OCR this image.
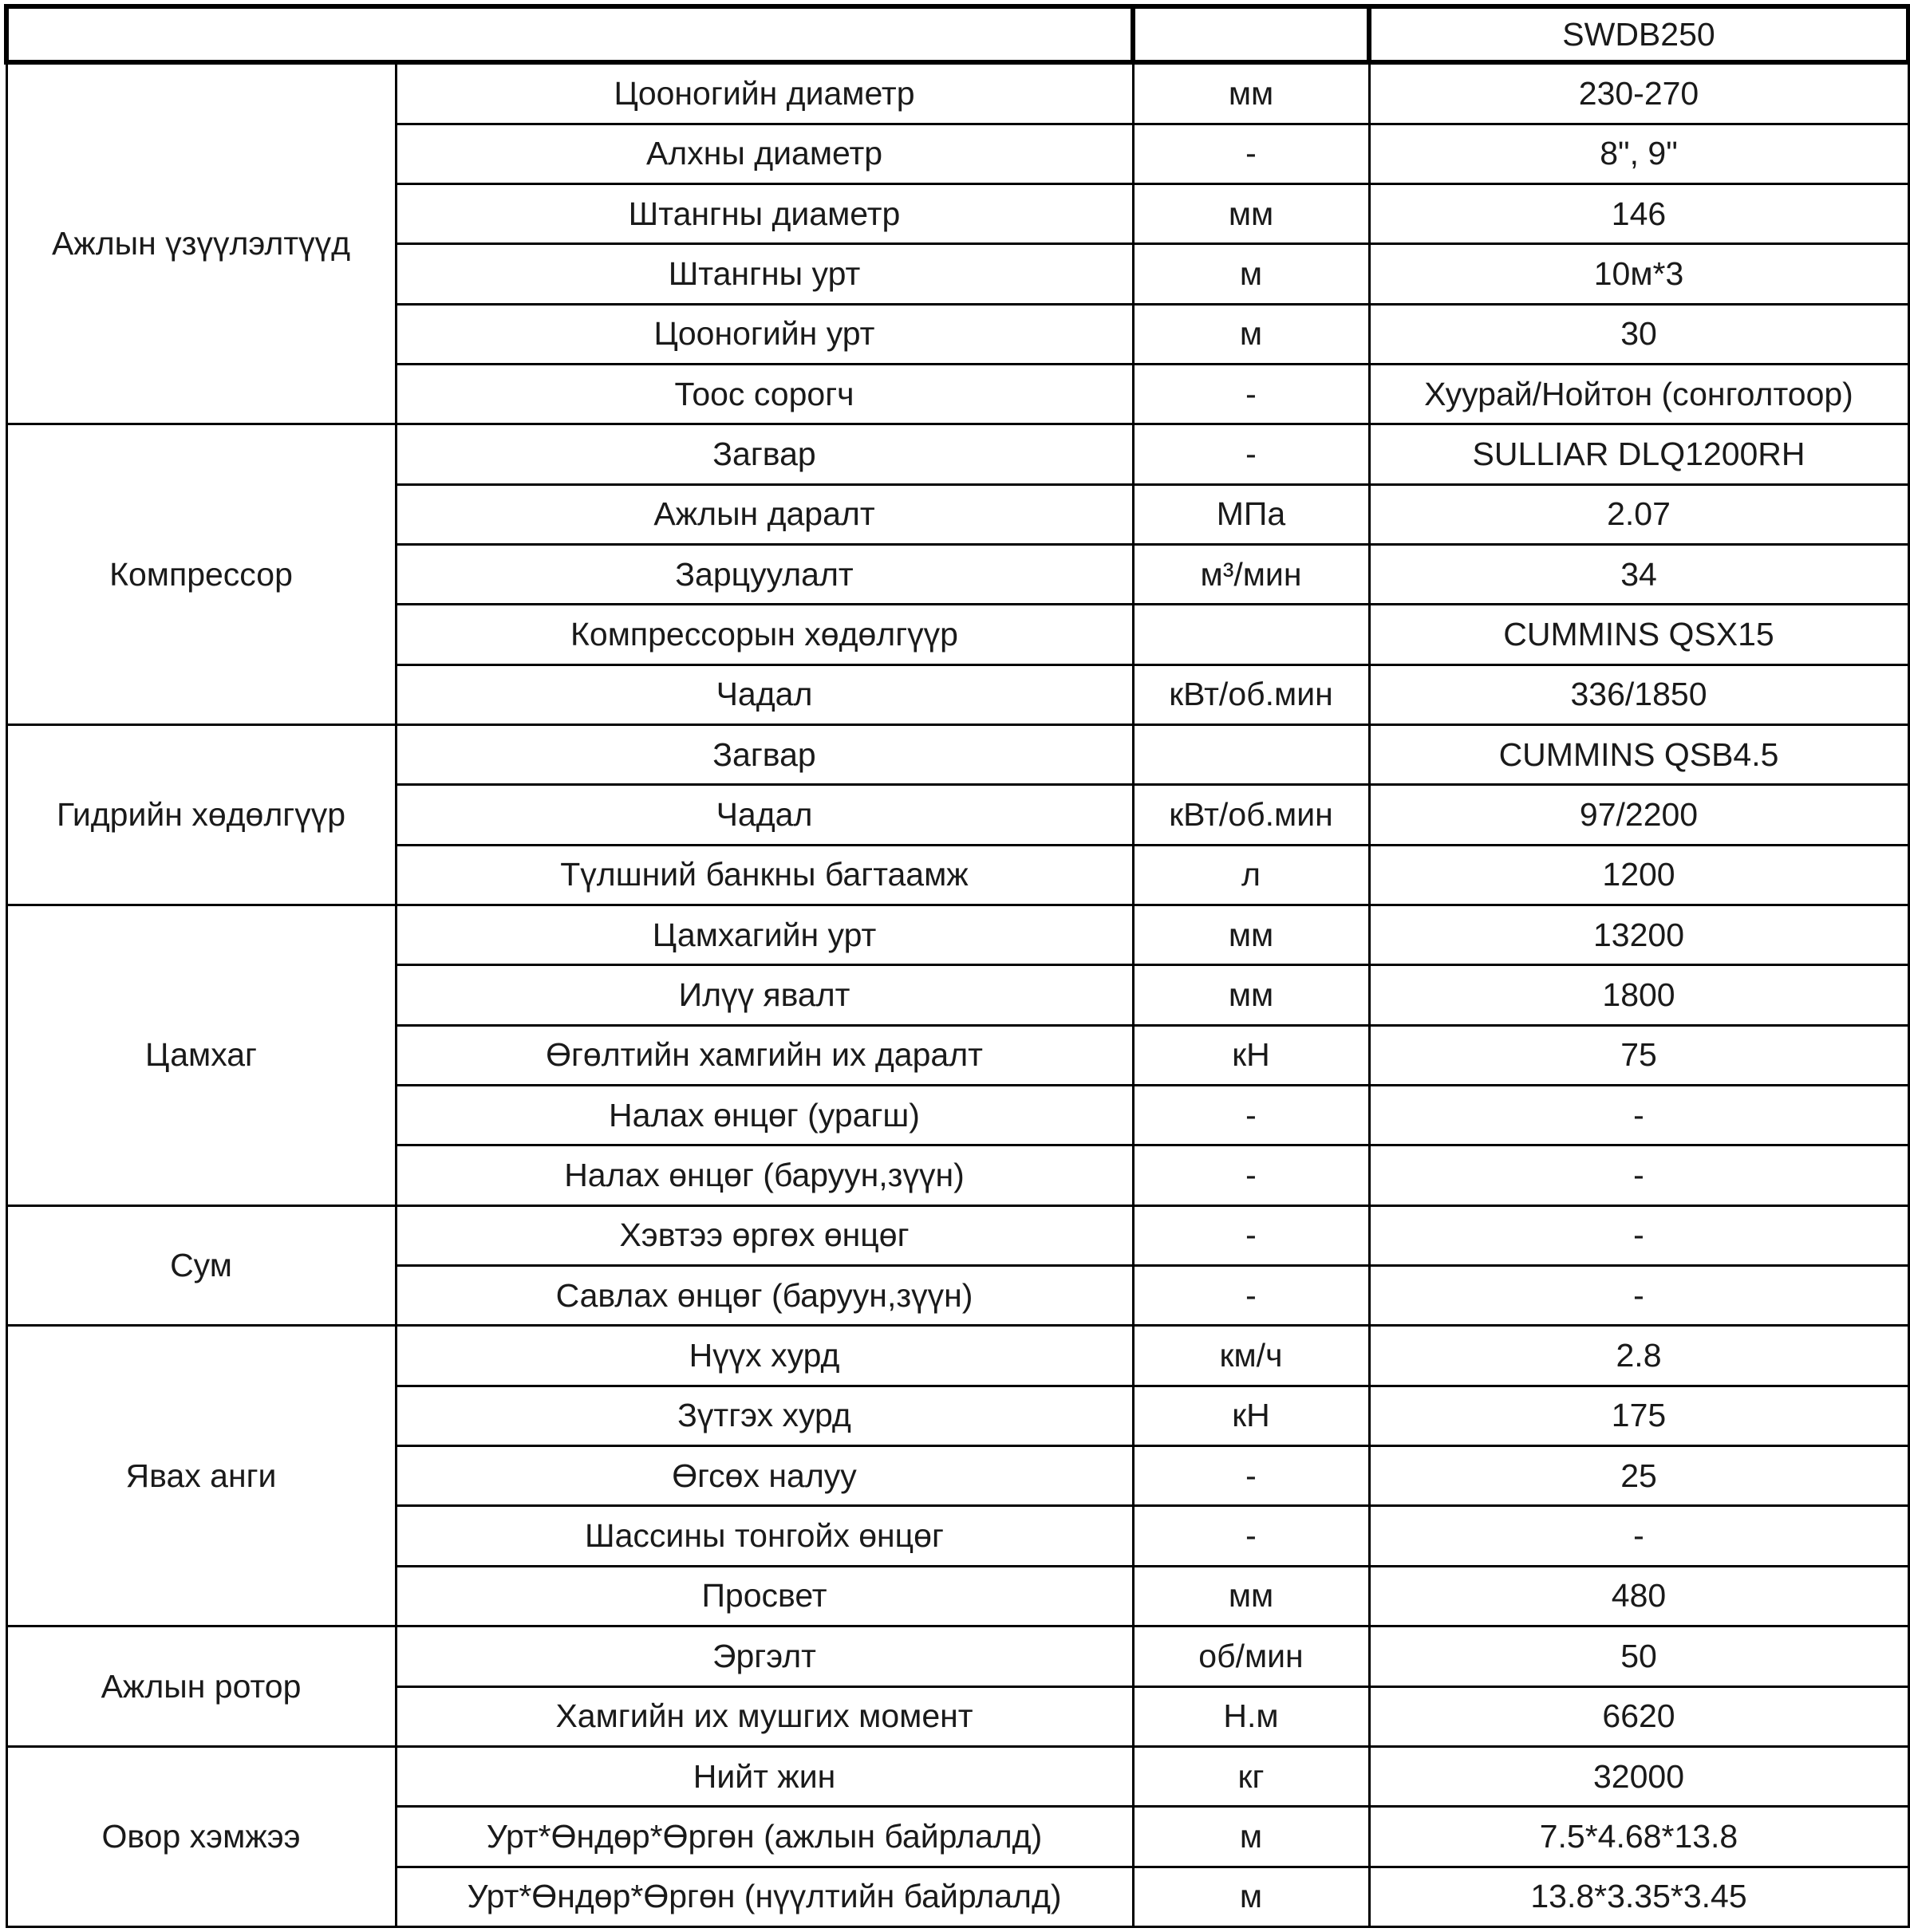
			SWDB250
Ажлын үзүүлэлтүүд	Цооногийн диаметр	мм	230-270
	Алхны диаметр	-	8", 9"
	Штангны диаметр	мм	146
	Штангны урт	м	10м*3
	Цооногийн урт	м	30
	Тоос сорогч	-	Хуурай/Нойтон (сонголтоор)
Компрессор	Загвар	-	SULLIAR DLQ1200RH
	Ажлын даралт	МПа	2.07
	Зарцуулалт	м³/мин	34
	Компрессорын хөдөлгүүр		CUMMINS QSX15
	Чадал	кВт/об.мин	336/1850
Гидрийн хөдөлгүүр	Загвар		CUMMINS QSB4.5
	Чадал	кВт/об.мин	97/2200
	Түлшний банкны багтаамж	л	1200
Цамхаг	Цамхагийн урт	мм	13200
	Илүү явалт	мм	1800
	Өгөлтийн хамгийн их даралт	кН	75
	Налах өнцөг (урагш)	-	-
	Налах өнцөг (баруун,зүүн)	-	-
Сум	Хэвтээ өргөх өнцөг	-	-
	Савлах өнцөг (баруун,зүүн)	-	-
Явах анги	Нүүх хурд	км/ч	2.8
	Зүтгэх хурд	кН	175
	Өгсөх налуу	-	25
	Шассины тонгойх өнцөг	-	-
	Просвет	мм	480
Ажлын ротор	Эргэлт	об/мин	50
	Хамгийн их мушгих момент	Н.м	6620
Овор хэмжээ	Нийт жин	кг	32000
	Урт*Өндөр*Өргөн (ажлын байрлалд)	м	7.5*4.68*13.8
	Урт*Өндөр*Өргөн (нүүлтийн байрлалд)	м	13.8*3.35*3.45
